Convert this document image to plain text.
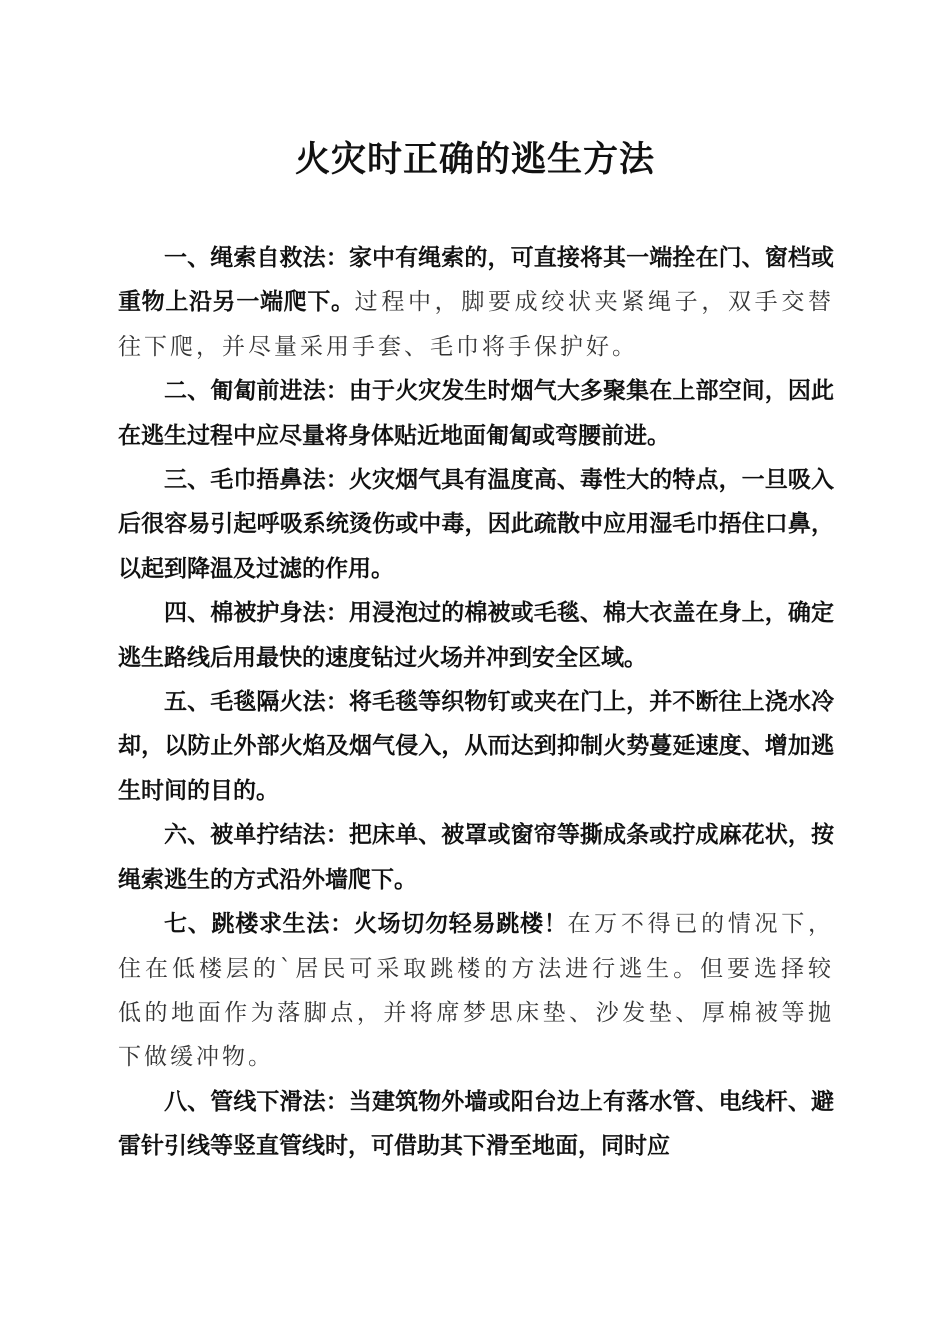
火灾时正确的逃生方法

一、绳索自救法：家中有绳索的，可直接将其一端拴在门、窗档或重物上沿另一端爬下。过程中，脚要成绞状夹紧绳子，双手交替往下爬，并尽量采用手套、毛巾将手保护好。

二、匍匐前进法：由于火灾发生时烟气大多聚集在上部空间，因此在逃生过程中应尽量将身体贴近地面匍匐或弯腰前进。

三、毛巾捂鼻法：火灾烟气具有温度高、毒性大的特点，一旦吸入后很容易引起呼吸系统烫伤或中毒，因此疏散中应用湿毛巾捂住口鼻，以起到降温及过滤的作用。

四、棉被护身法：用浸泡过的棉被或毛毯、棉大衣盖在身上，确定逃生路线后用最快的速度钻过火场并冲到安全区域。

五、毛毯隔火法：将毛毯等织物钉或夹在门上，并不断往上浇水冷却，以防止外部火焰及烟气侵入，从而达到抑制火势蔓延速度、增加逃生时间的目的。

六、被单拧结法：把床单、被罩或窗帘等撕成条或拧成麻花状，按绳索逃生的方式沿外墙爬下。

七、跳楼求生法：火场切勿轻易跳楼！在万不得已的情况下，住在低楼层的`居民可采取跳楼的方法进行逃生。但要选择较低的地面作为落脚点，并将席梦思床垫、沙发垫、厚棉被等抛下做缓冲物。

八、管线下滑法：当建筑物外墙或阳台边上有落水管、电线杆、避雷针引线等竖直管线时，可借助其下滑至地面，同时应
